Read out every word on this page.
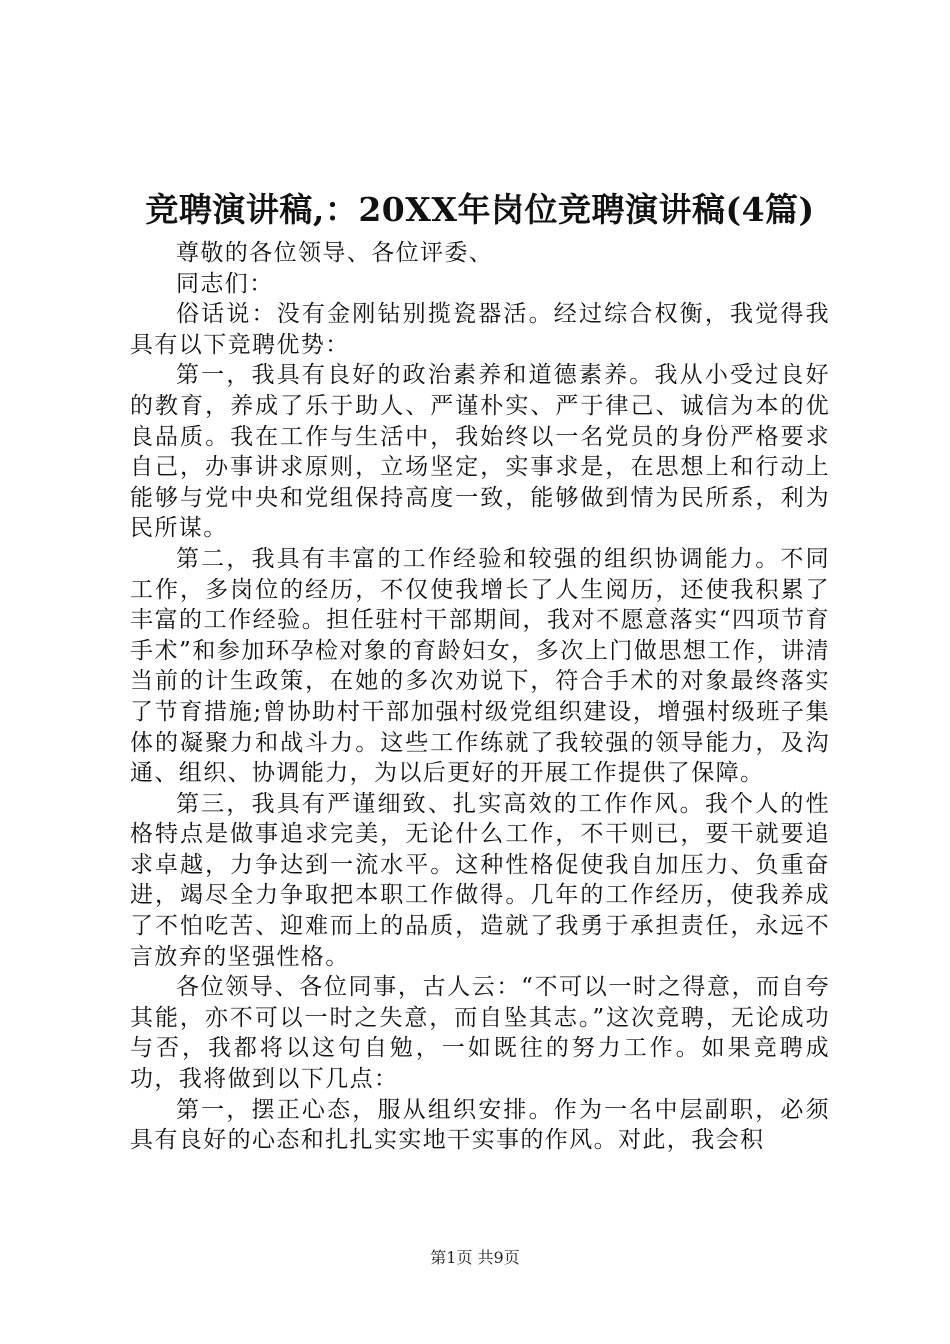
竞聘演讲稿,：20XX年岗位竞聘演讲稿(4篇)

尊敬的各位领导、各位评委、

同志们：

俗话说：没有金刚钻别揽瓷器活。经过综合权衡，我觉得我具有以下竞聘优势：

第一，我具有良好的政治素养和道德素养。我从小受过良好的教育，养成了乐于助人、严谨朴实、严于律己、诚信为本的优良品质。我在工作与生活中，我始终以一名党员的身份严格要求自己，办事讲求原则，立场坚定，实事求是，在思想上和行动上能够与党中央和党组保持高度一致，能够做到情为民所系，利为民所谋。

第二，我具有丰富的工作经验和较强的组织协调能力。不同工作，多岗位的经历，不仅使我增长了人生阅历，还使我积累了丰富的工作经验。担任驻村干部期间，我对不愿意落实“四项节育手术”和参加环孕检对象的育龄妇女，多次上门做思想工作，讲清当前的计生政策，在她的多次劝说下，符合手术的对象最终落实了节育措施;曾协助村干部加强村级党组织建设，增强村级班子集体的凝聚力和战斗力。这些工作练就了我较强的领导能力，及沟通、组织、协调能力，为以后更好的开展工作提供了保障。

第三，我具有严谨细致、扎实高效的工作作风。我个人的性格特点是做事追求完美，无论什么工作，不干则已，要干就要追求卓越，力争达到一流水平。这种性格促使我自加压力、负重奋进，竭尽全力争取把本职工作做得。几年的工作经历，使我养成了不怕吃苦、迎难而上的品质，造就了我勇于承担责任，永远不言放弃的坚强性格。

各位领导、各位同事，古人云：“不可以一时之得意，而自夸其能，亦不可以一时之失意，而自坠其志。”这次竞聘，无论成功与否，我都将以这句自勉，一如既往的努力工作。如果竞聘成功，我将做到以下几点：

第一，摆正心态，服从组织安排。作为一名中层副职，必须具有良好的心态和扎扎实实地干实事的作风。对此，我会积

第1页 共9页
